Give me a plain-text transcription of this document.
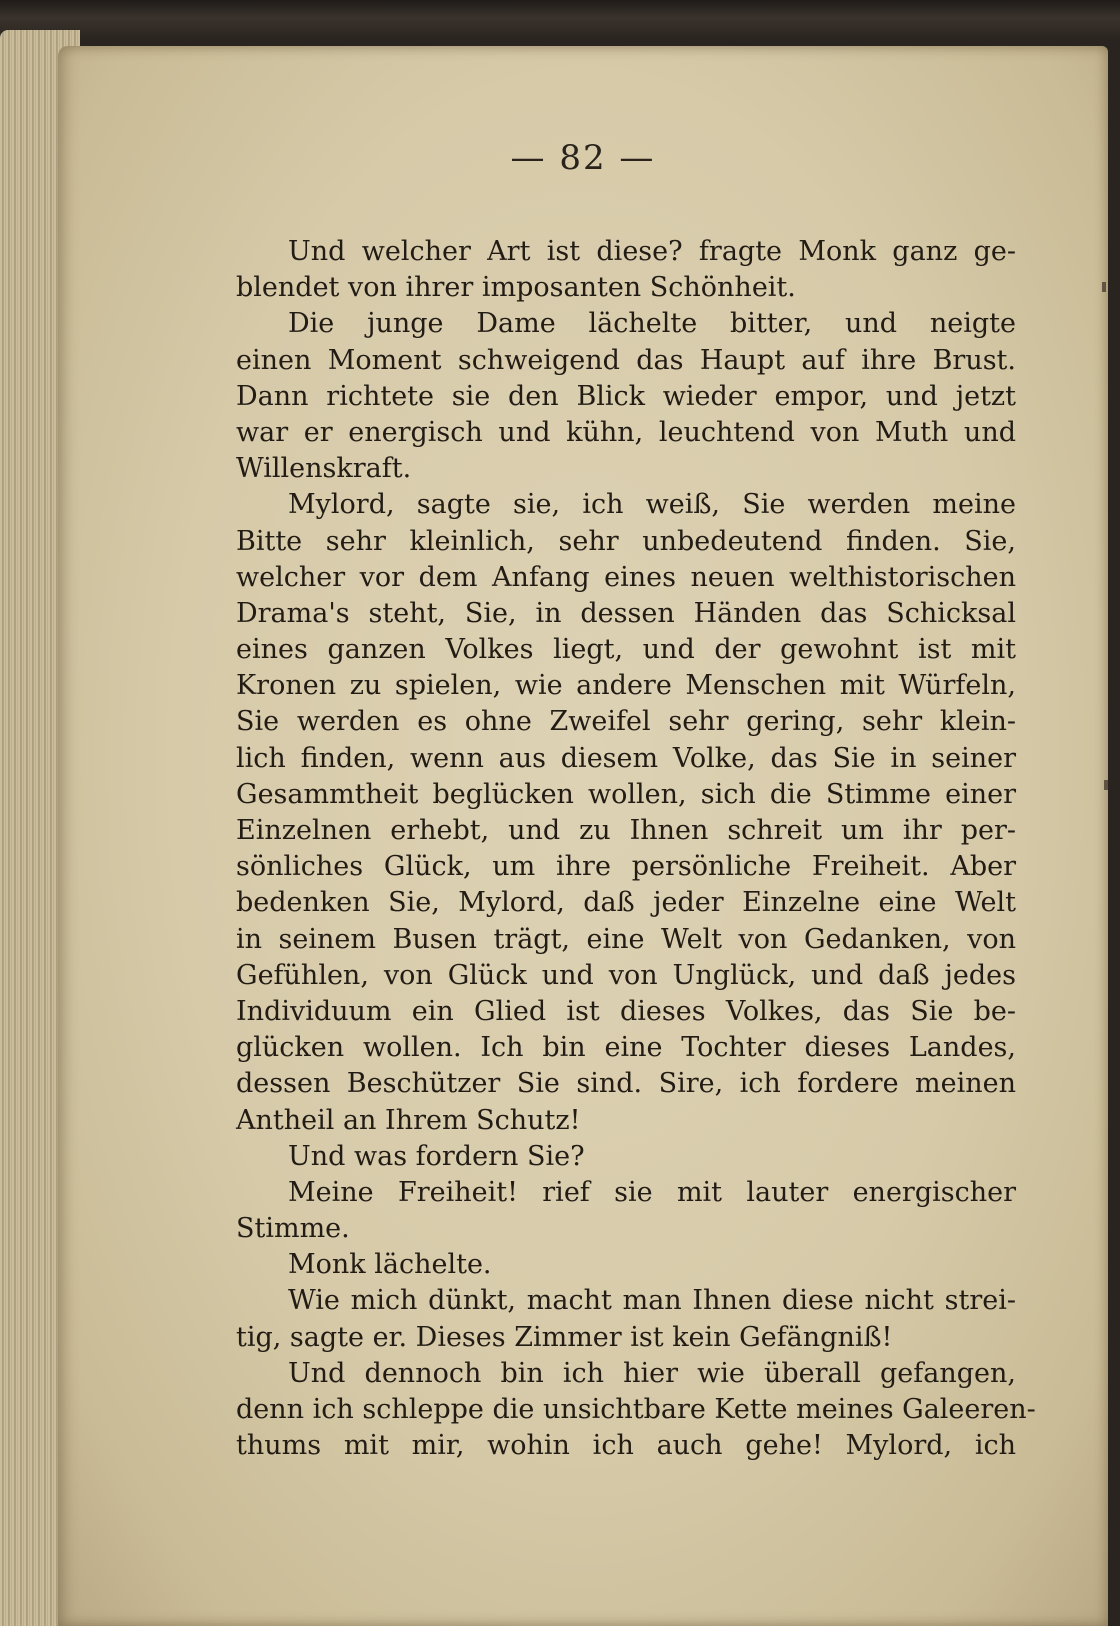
— 82 —
Und welcher Art ist diese? fragte Monk ganz ge-
blendet von ihrer imposanten Schönheit.
Die junge Dame lächelte bitter, und neigte
einen Moment schweigend das Haupt auf ihre Brust.
Dann richtete sie den Blick wieder empor, und jetzt
war er energisch und kühn, leuchtend von Muth und
Willenskraft.
Mylord, sagte sie, ich weiß, Sie werden meine
Bitte sehr kleinlich, sehr unbedeutend finden. Sie,
welcher vor dem Anfang eines neuen welthistorischen
Drama's steht, Sie, in dessen Händen das Schicksal
eines ganzen Volkes liegt, und der gewohnt ist mit
Kronen zu spielen, wie andere Menschen mit Würfeln,
Sie werden es ohne Zweifel sehr gering, sehr klein-
lich finden, wenn aus diesem Volke, das Sie in seiner
Gesammtheit beglücken wollen, sich die Stimme einer
Einzelnen erhebt, und zu Ihnen schreit um ihr per-
sönliches Glück, um ihre persönliche Freiheit. Aber
bedenken Sie, Mylord, daß jeder Einzelne eine Welt
in seinem Busen trägt, eine Welt von Gedanken, von
Gefühlen, von Glück und von Unglück, und daß jedes
Individuum ein Glied ist dieses Volkes, das Sie be-
glücken wollen. Ich bin eine Tochter dieses Landes,
dessen Beschützer Sie sind. Sire, ich fordere meinen
Antheil an Ihrem Schutz!
Und was fordern Sie?
Meine Freiheit! rief sie mit lauter energischer
Stimme.
Monk lächelte.
Wie mich dünkt, macht man Ihnen diese nicht strei-
tig, sagte er. Dieses Zimmer ist kein Gefängniß!
Und dennoch bin ich hier wie überall gefangen,
denn ich schleppe die unsichtbare Kette meines Galeeren-
thums mit mir, wohin ich auch gehe! Mylord, ich
